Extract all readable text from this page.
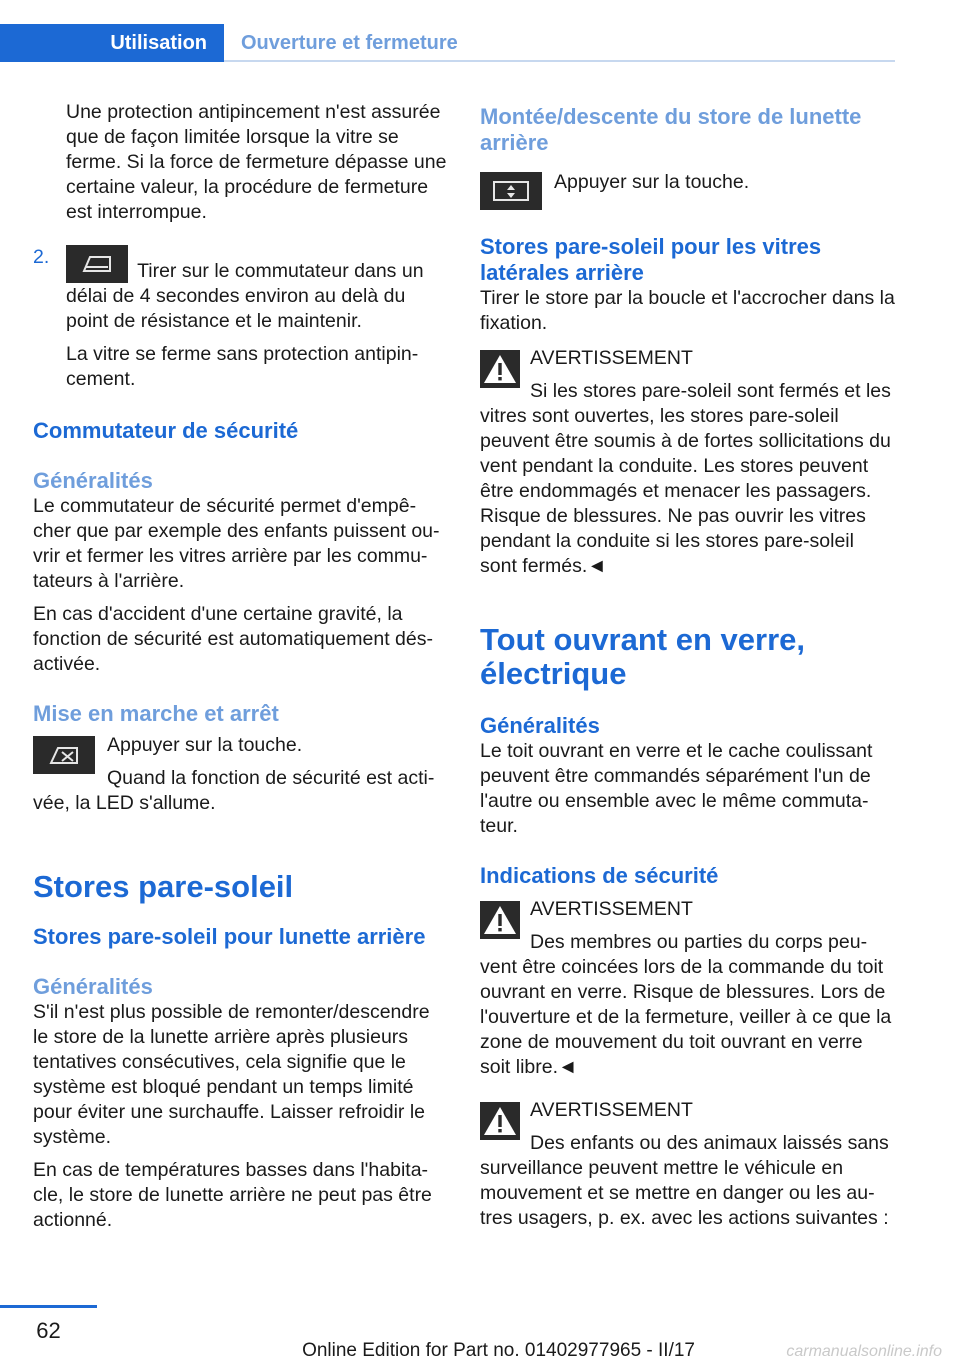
Utilisation	Ouverture et fermeture

Une protection antipincement n'est assurée que de façon limitée lorsque la vitre se ferme. Si la force de fermeture dépasse une certaine valeur, la procédure de fermeture est interrompue.

2.

Tirer sur le commutateur dans un délai de 4 secondes environ au delà du point de résistance et le maintenir.

La vitre se ferme sans protection antipincement.

Commutateur de sécurité
Généralités

Le commutateur de sécurité permet d'empêcher que par exemple des enfants puissent ouvrir et fermer les vitres arrière par les commutateurs à l'arrière.

En cas d'accident d'une certaine gravité, la fonction de sécurité est automatiquement désactivée.

Mise en marche et arrêt

Appuyer sur la touche.

Quand la fonction de sécurité est activée, la LED s'allume.

Stores pare-soleil
Stores pare-soleil pour lunette arrière
Généralités

S'il n'est plus possible de remonter/descendre le store de la lunette arrière après plusieurs tentatives consécutives, cela signifie que le système est bloqué pendant un temps limité pour éviter une surchauffe. Laisser refroidir le système.

En cas de températures basses dans l'habitacle, le store de lunette arrière ne peut pas être actionné.

Montée/descente du store de lunette arrière

Appuyer sur la touche.

Stores pare-soleil pour les vitres latérales arrière

Tirer le store par la boucle et l'accrocher dans la fixation.

AVERTISSEMENT

Si les stores pare-soleil sont fermés et les vitres sont ouvertes, les stores pare-soleil peuvent être soumis à de fortes sollicitations du vent pendant la conduite. Les stores peuvent être endommagés et menacer les passagers. Risque de blessures. Ne pas ouvrir les vitres pendant la conduite si les stores pare-soleil sont fermés.◄

Tout ouvrant en verre, électrique
Généralités

Le toit ouvrant en verre et le cache coulissant peuvent être commandés séparément l'un de l'autre ou ensemble avec le même commutateur.

Indications de sécurité

AVERTISSEMENT

Des membres ou parties du corps peuvent être coincées lors de la commande du toit ouvrant en verre. Risque de blessures. Lors de l'ouverture et de la fermeture, veiller à ce que la zone de mouvement du toit ouvrant en verre soit libre.◄

AVERTISSEMENT

Des enfants ou des animaux laissés sans surveillance peuvent mettre le véhicule en mouvement et se mettre en danger ou les autres usagers, p. ex. avec les actions suivantes :

62
Online Edition for Part no. 01402977965 - II/17	carmanualsonline.info
